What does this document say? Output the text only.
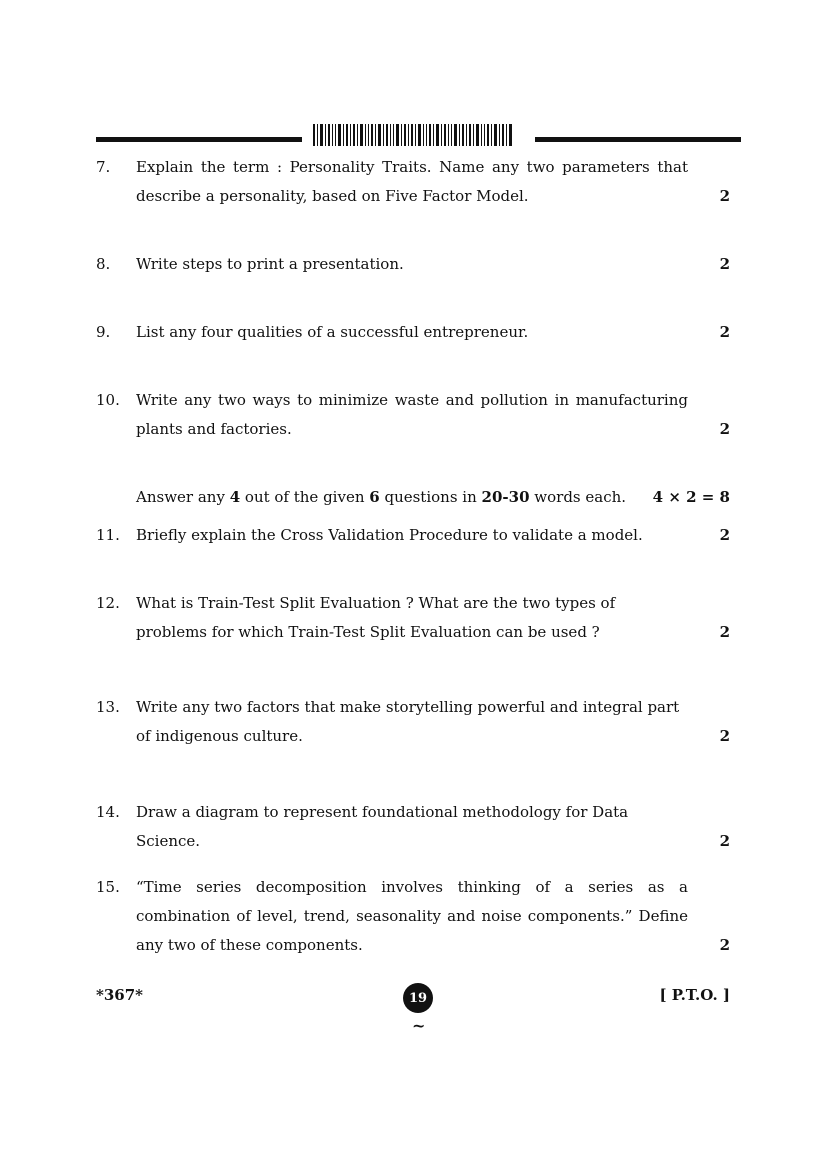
7.	Explain the term : Personality Traits. Name any two parameters that describe a personality, based on Five Factor Model.	2
8.	Write steps to print a presentation.	2
9.	List any four qualities of a successful entrepreneur.	2
10.	Write any two ways to minimize waste and pollution in manufacturing plants and factories.	2
Answer any 4 out of the given 6 questions in 20-30 words each. 4 × 2 = 8
11.	Briefly explain the Cross Validation Procedure to validate a model.	2
12.	What is Train-Test Split Evaluation ? What are the two types of problems for which Train-Test Split Evaluation can be used ?	2
13.	Write any two factors that make storytelling powerful and integral part of indigenous culture.	2
14.	Draw a diagram to represent foundational methodology for Data Science.	2
15.	“Time series decomposition involves thinking of a series as a combination of level, trend, seasonality and noise components.” Define any two of these components.	2
*367*	19	[ P.T.O. ]
~
